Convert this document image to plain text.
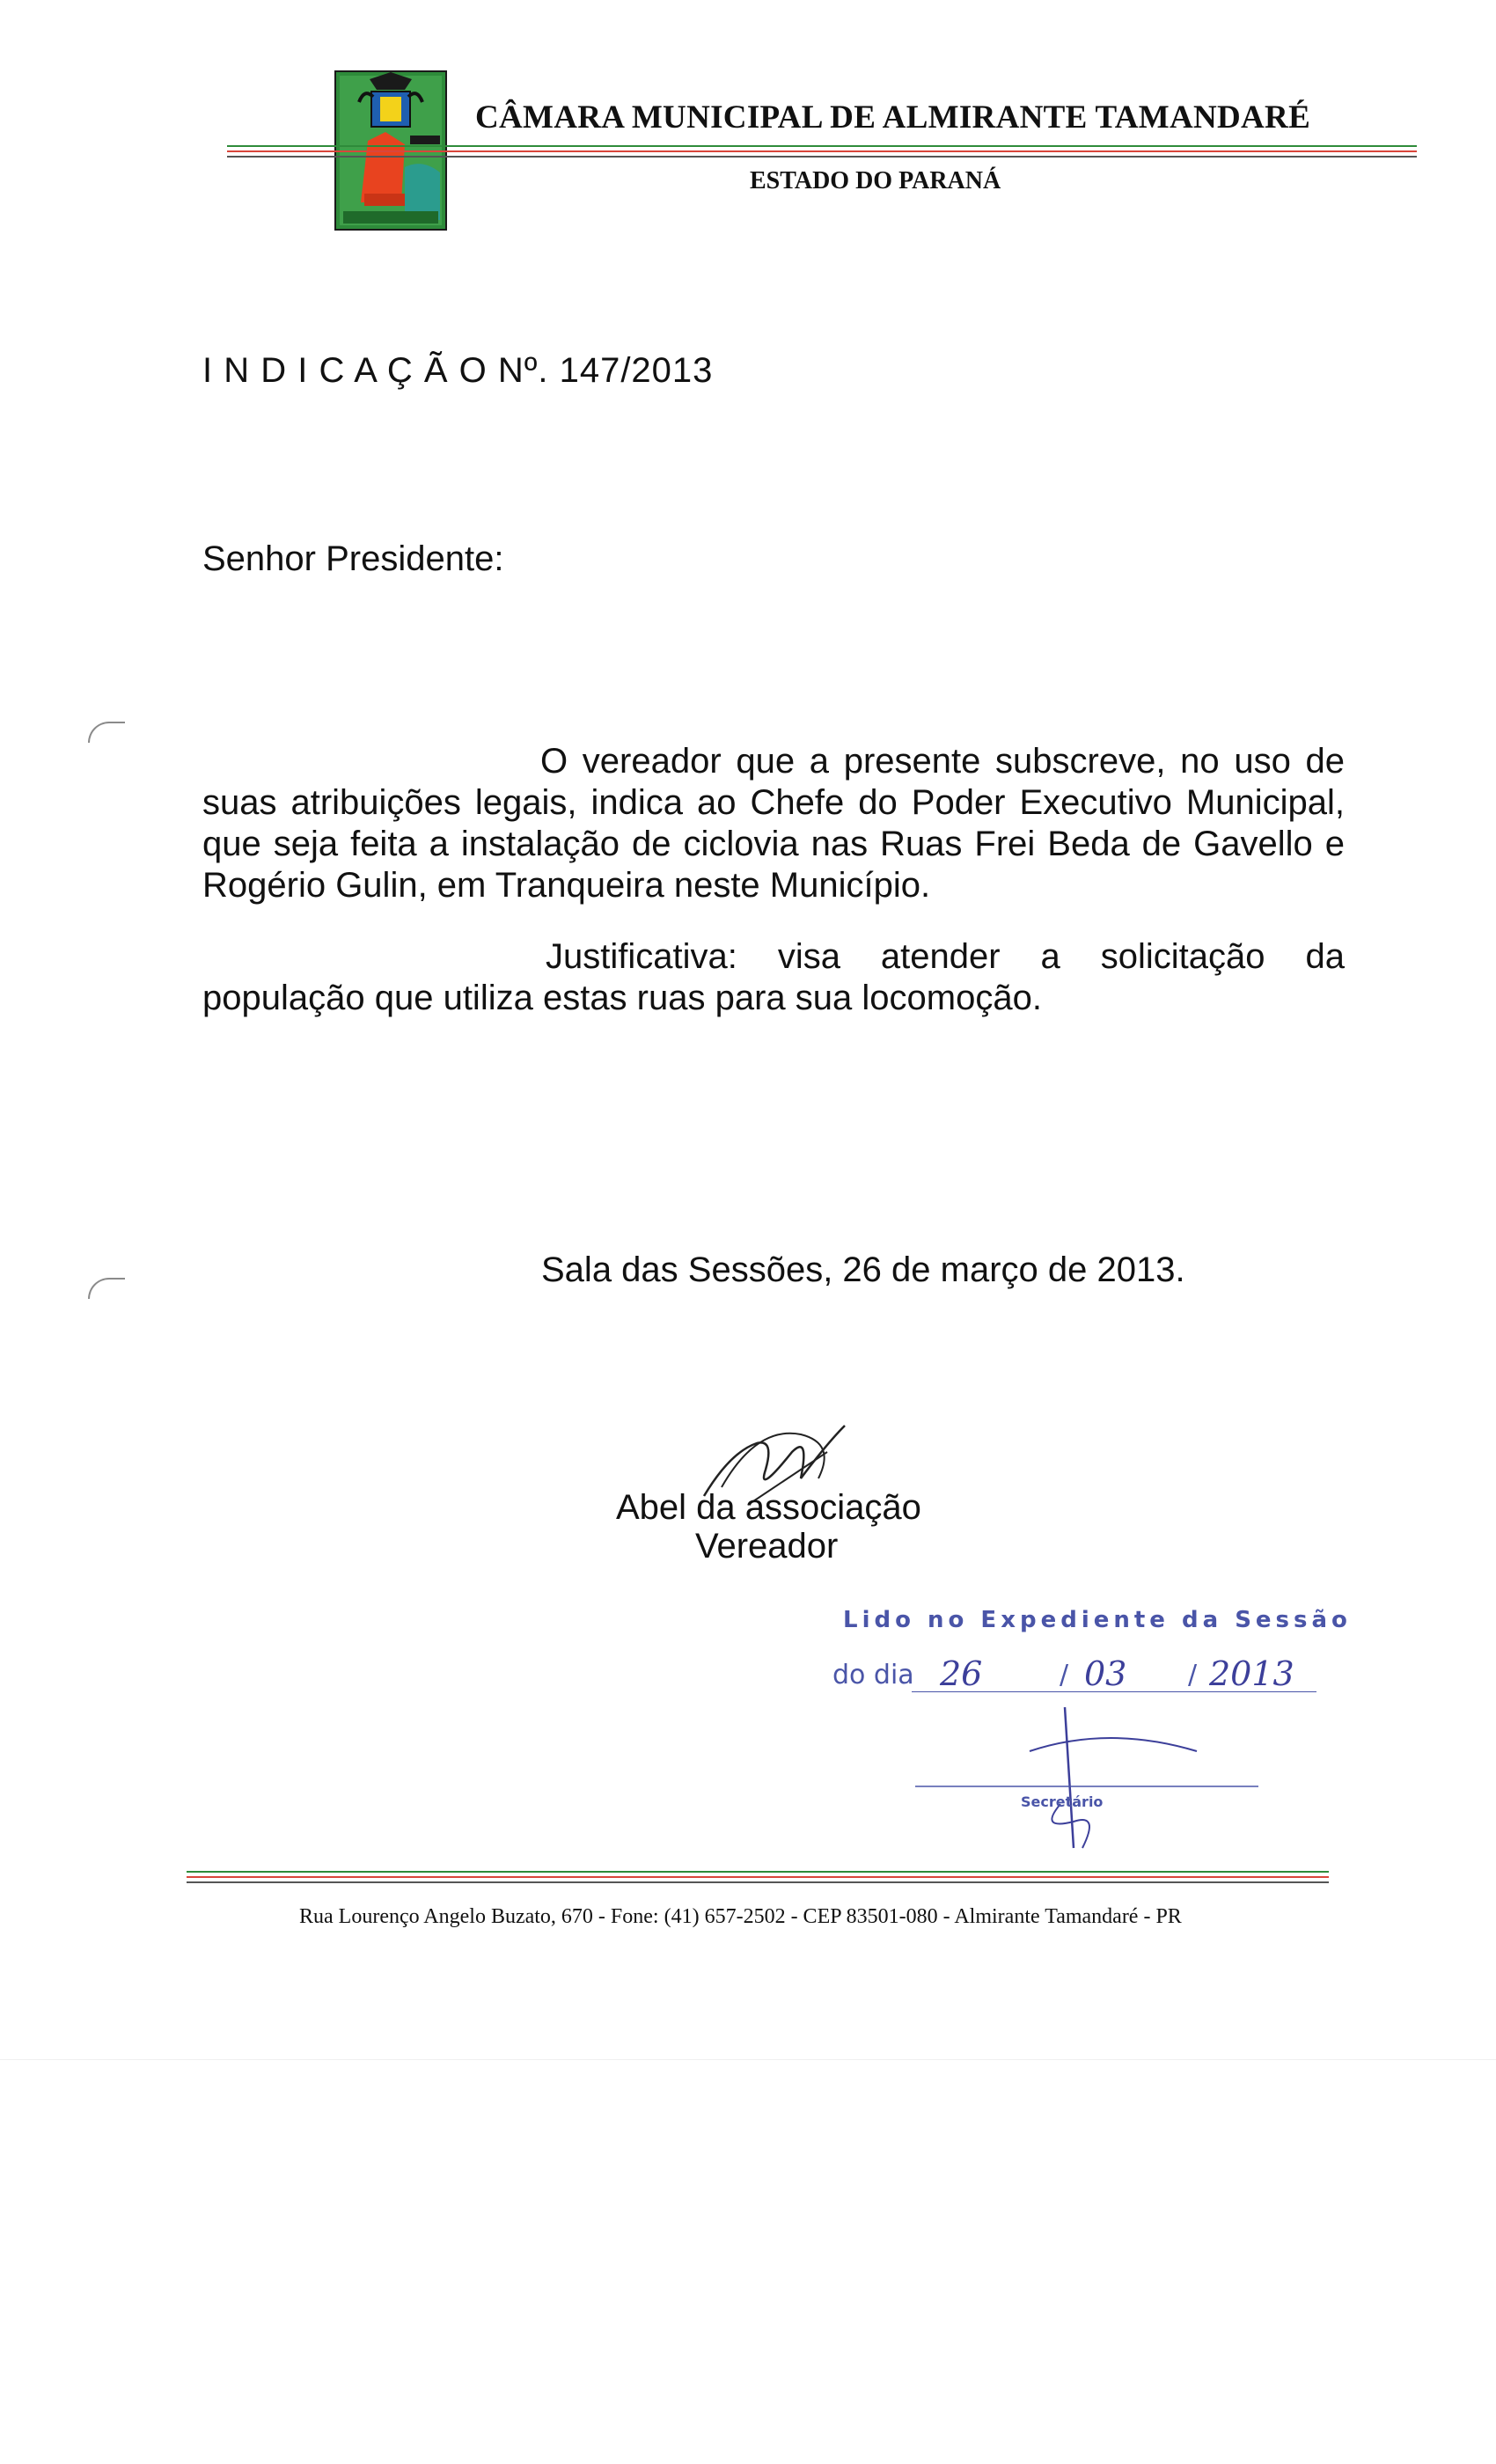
CÂMARA MUNICIPAL DE ALMIRANTE TAMANDARÉ
ESTADO DO PARANÁ
I N D I C A Ç Ã O Nº. 147/2013
Senhor Presidente:
O vereador que a presente subscreve, no uso de suas atribuições legais, indica ao Chefe do Poder Executivo Municipal, que seja feita a instalação de ciclovia nas Ruas Frei Beda de Gavello e Rogério Gulin, em Tranqueira neste Município.
Justificativa: visa atender a solicitação da população que utiliza estas ruas para sua locomoção.
Sala das Sessões, 26 de março de 2013.
Abel da associação
Vereador
Lido no Expediente da Sessão
do dia 26	/ 03 / 2013
Secretário
Rua Lourenço Angelo Buzato, 670 - Fone: (41) 657-2502 - CEP 83501-080 - Almirante Tamandaré - PR
